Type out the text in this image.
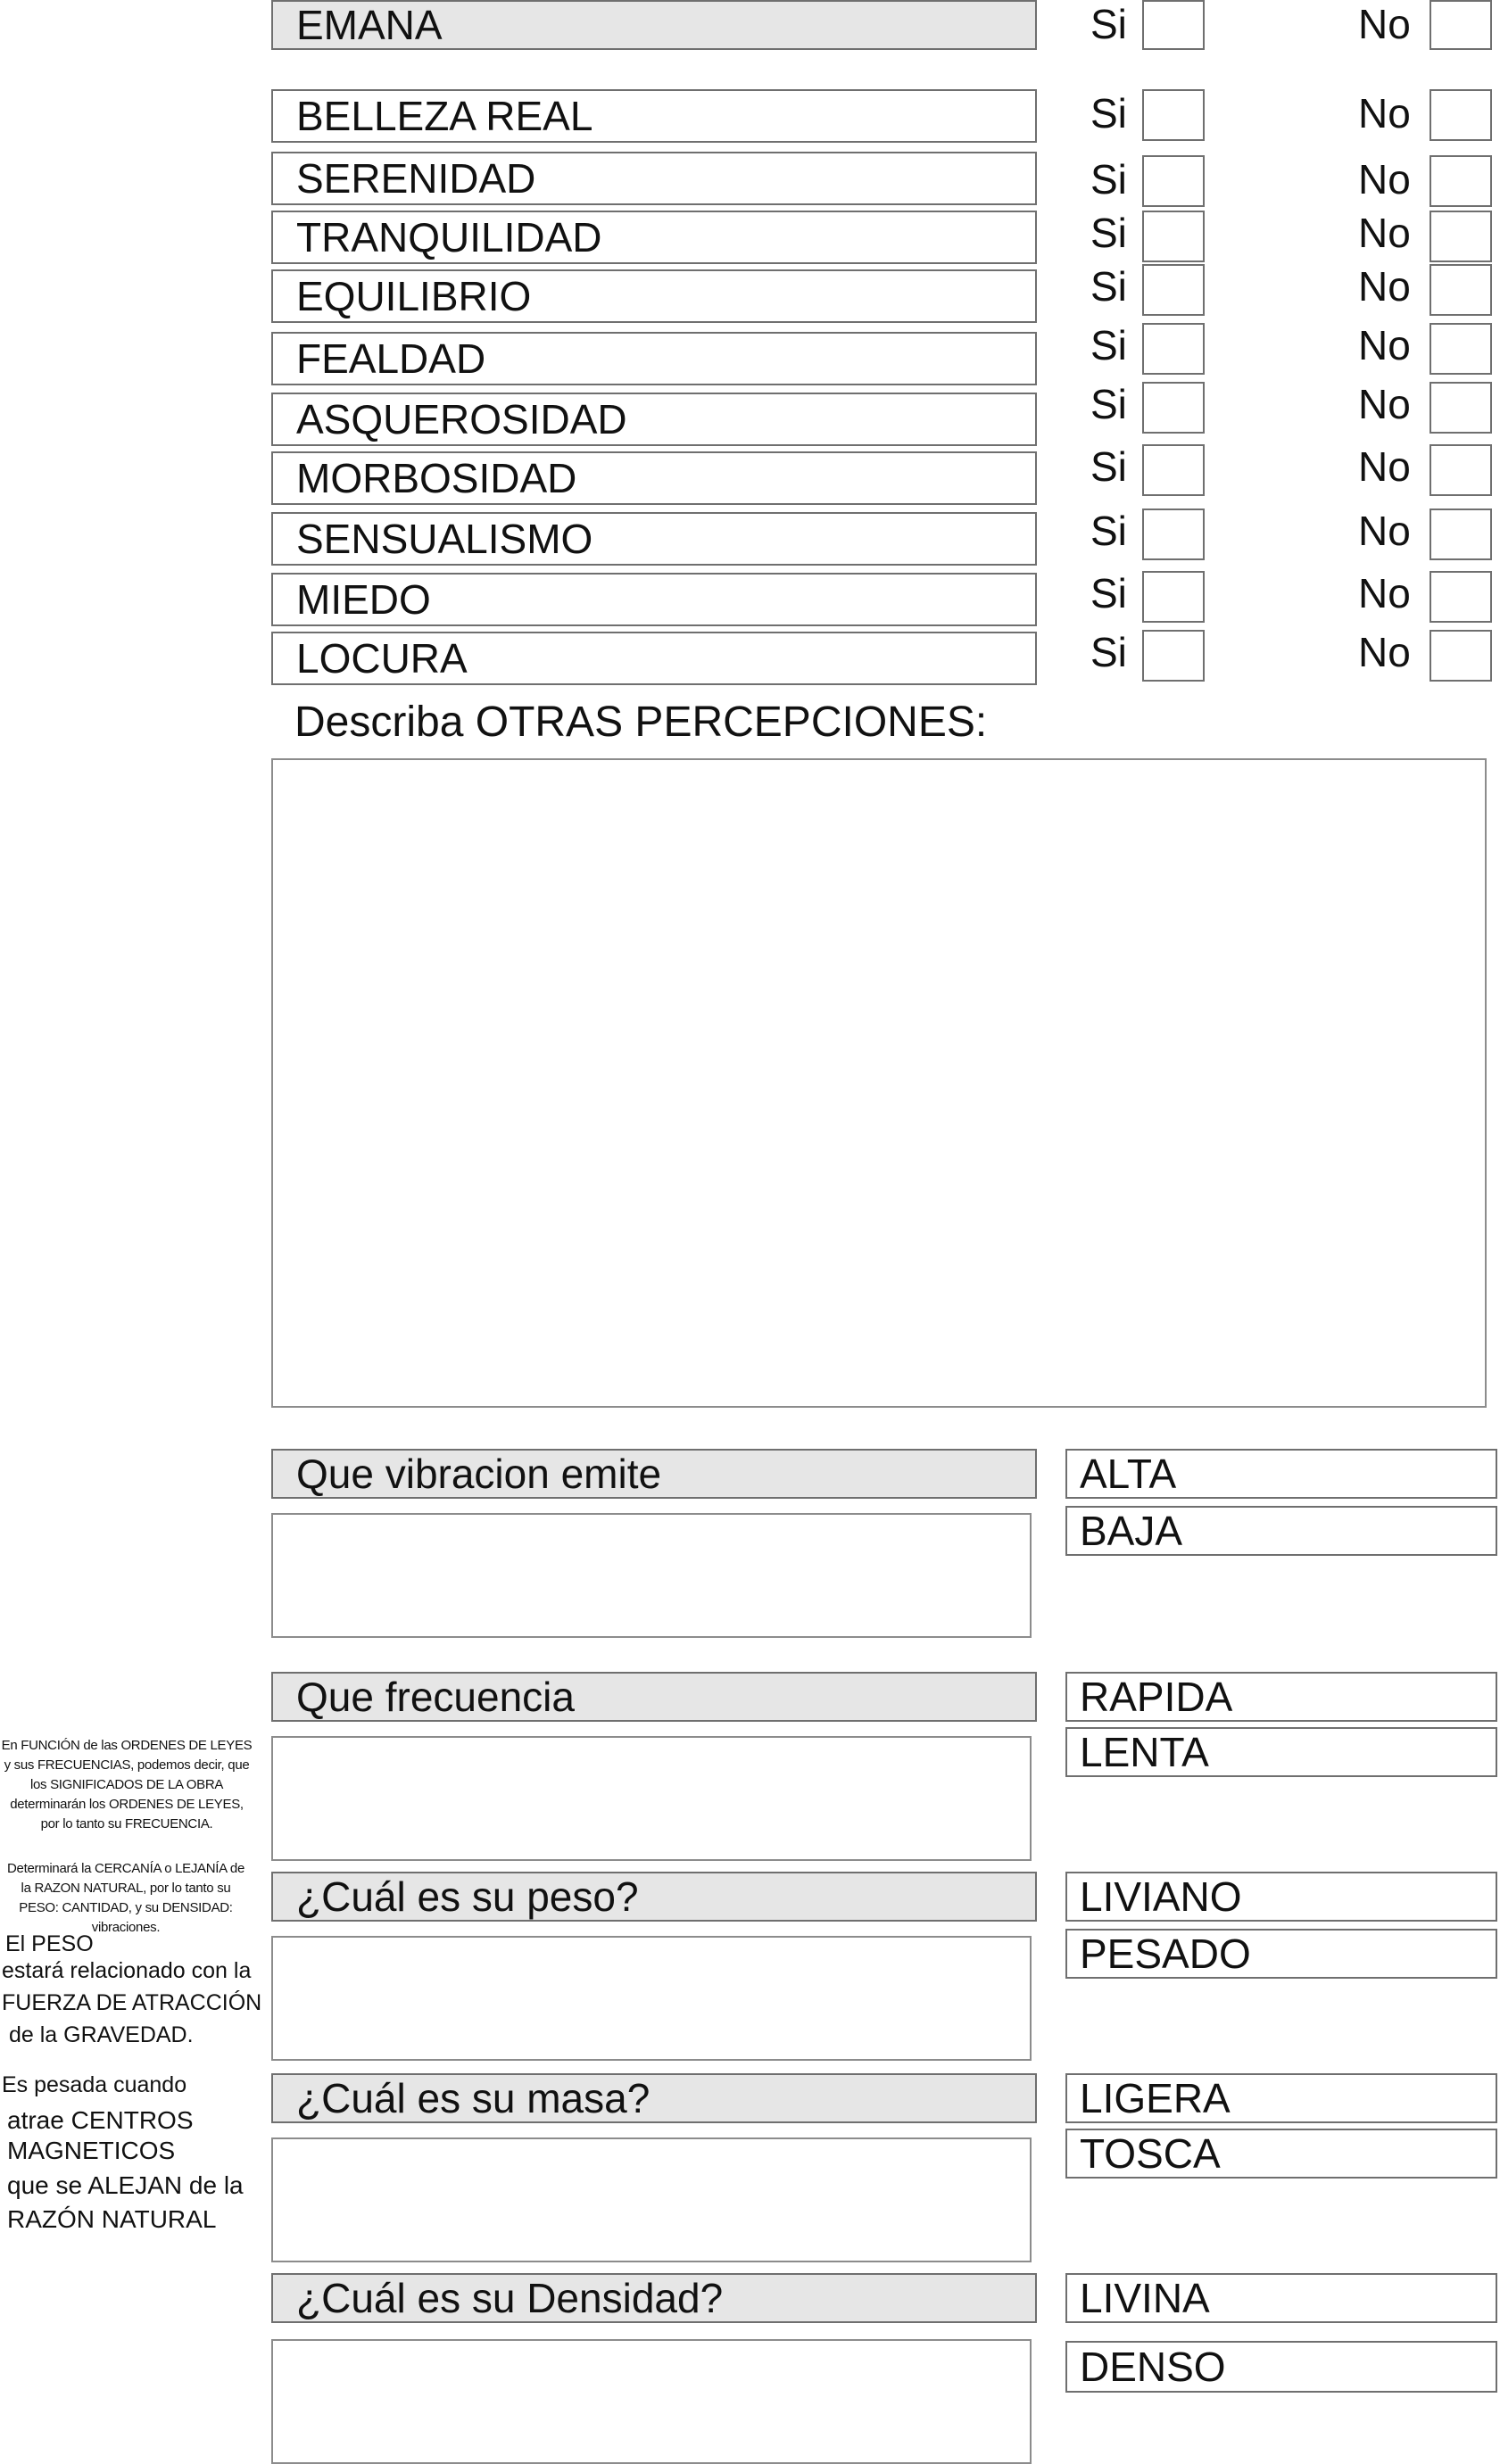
EMANA	Si	No
BELLEZA REAL	Si	No
SERENIDAD	Si	No
TRANQUILIDAD	Si	No
EQUILIBRIO	Si	No
FEALDAD	Si	No
ASQUEROSIDAD	Si	No
MORBOSIDAD	Si	No
SENSUALISMO	Si	No
MIEDO	Si	No
LOCURA	Si	No
Describa OTRAS PERCEPCIONES:
Que vibracion emite	ALTA
BAJA
Que frecuencia	RAPIDA
LENTA
¿Cuál es su peso?	LIVIANO
PESADO
¿Cuál es su masa?	LIGERA
TOSCA
¿Cuál es su Densidad?	LIVINA
DENSO
En FUNCIÓN de las ORDENES DE LEYES y sus FRECUENCIAS, podemos decir, que los SIGNIFICADOS DE LA OBRA determinarán los ORDENES DE LEYES, por lo tanto su FRECUENCIA.
Determinará la CERCANÍA o LEJANÍA de la RAZON NATURAL, por lo tanto su PESO: CANTIDAD, y su DENSIDAD: vibraciones.
El PESO
estará relacionado con la
FUERZA DE ATRACCIÓN
de la GRAVEDAD.
Es pesada cuando
atrae CENTROS
MAGNETICOS
que se ALEJAN de la
RAZÓN NATURAL
